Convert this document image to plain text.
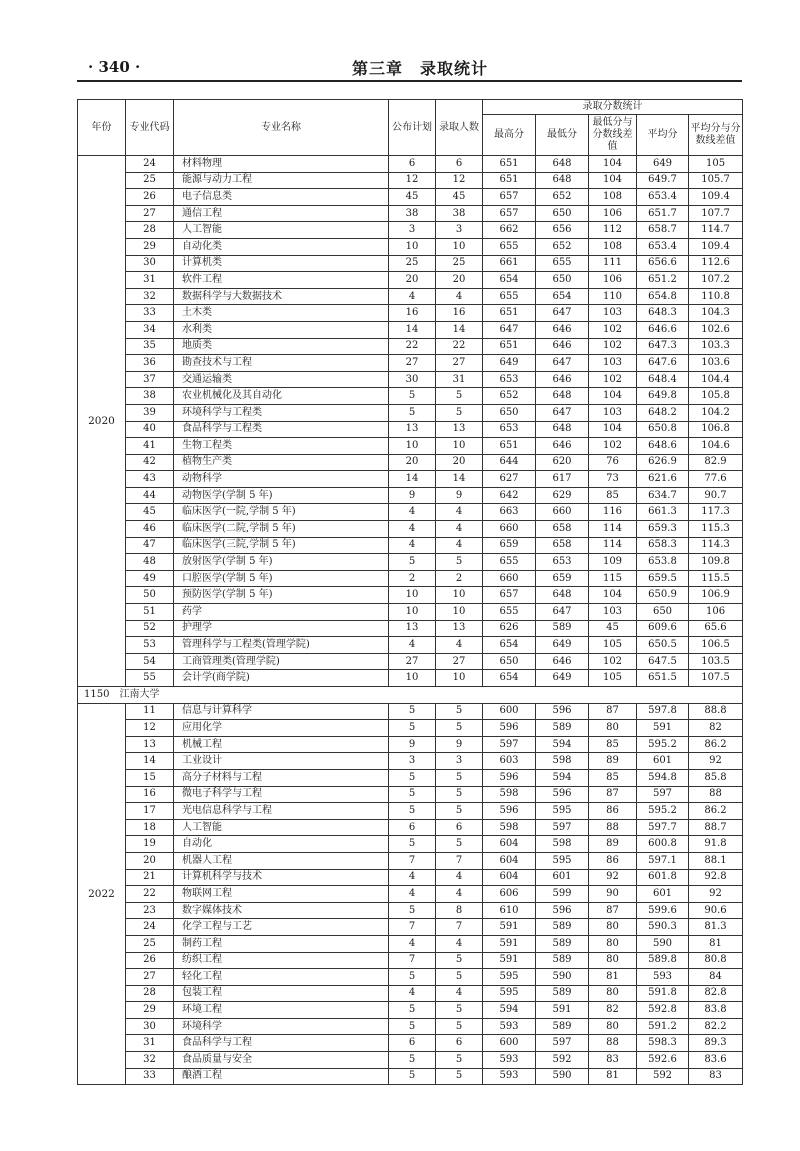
· 340 ·	第三章　录取统计
年份	专业代码	专业名称	公布计划	录取人数	录取分数统计				
					最高分	最低分	最低分与分数线差值	平均分	平均分与分数线差值
2020	24	材料物理	6	6	651	648	104	649	105
	25	能源与动力工程	12	12	651	648	104	649.7	105.7
	26	电子信息类	45	45	657	652	108	653.4	109.4
	27	通信工程	38	38	657	650	106	651.7	107.7
	28	人工智能	3	3	662	656	112	658.7	114.7
	29	自动化类	10	10	655	652	108	653.4	109.4
	30	计算机类	25	25	661	655	111	656.6	112.6
	31	软件工程	20	20	654	650	106	651.2	107.2
	32	数据科学与大数据技术	4	4	655	654	110	654.8	110.8
	33	土木类	16	16	651	647	103	648.3	104.3
	34	水利类	14	14	647	646	102	646.6	102.6
	35	地质类	22	22	651	646	102	647.3	103.3
	36	勘查技术与工程	27	27	649	647	103	647.6	103.6
	37	交通运输类	30	31	653	646	102	648.4	104.4
	38	农业机械化及其自动化	5	5	652	648	104	649.8	105.8
	39	环境科学与工程类	5	5	650	647	103	648.2	104.2
	40	食品科学与工程类	13	13	653	648	104	650.8	106.8
	41	生物工程类	10	10	651	646	102	648.6	104.6
	42	植物生产类	20	20	644	620	76	626.9	82.9
	43	动物科学	14	14	627	617	73	621.6	77.6
	44	动物医学(学制 5 年)	9	9	642	629	85	634.7	90.7
	45	临床医学(一院,学制 5 年)	4	4	663	660	116	661.3	117.3
	46	临床医学(二院,学制 5 年)	4	4	660	658	114	659.3	115.3
	47	临床医学(三院,学制 5 年)	4	4	659	658	114	658.3	114.3
	48	放射医学(学制 5 年)	5	5	655	653	109	653.8	109.8
	49	口腔医学(学制 5 年)	2	2	660	659	115	659.5	115.5
	50	预防医学(学制 5 年)	10	10	657	648	104	650.9	106.9
	51	药学	10	10	655	647	103	650	106
	52	护理学	13	13	626	589	45	609.6	65.6
	53	管理科学与工程类(管理学院)	4	4	654	649	105	650.5	106.5
	54	工商管理类(管理学院)	27	27	650	646	102	647.5	103.5
	55	会计学(商学院)	10	10	654	649	105	651.5	107.5
1150　江南大学									
2022	11	信息与计算科学	5	5	600	596	87	597.8	88.8
	12	应用化学	5	5	596	589	80	591	82
	13	机械工程	9	9	597	594	85	595.2	86.2
	14	工业设计	3	3	603	598	89	601	92
	15	高分子材料与工程	5	5	596	594	85	594.8	85.8
	16	微电子科学与工程	5	5	598	596	87	597	88
	17	光电信息科学与工程	5	5	596	595	86	595.2	86.2
	18	人工智能	6	6	598	597	88	597.7	88.7
	19	自动化	5	5	604	598	89	600.8	91.8
	20	机器人工程	7	7	604	595	86	597.1	88.1
	21	计算机科学与技术	4	4	604	601	92	601.8	92.8
	22	物联网工程	4	4	606	599	90	601	92
	23	数字媒体技术	5	8	610	596	87	599.6	90.6
	24	化学工程与工艺	7	7	591	589	80	590.3	81.3
	25	制药工程	4	4	591	589	80	590	81
	26	纺织工程	7	5	591	589	80	589.8	80.8
	27	轻化工程	5	5	595	590	81	593	84
	28	包装工程	4	4	595	589	80	591.8	82.8
	29	环境工程	5	5	594	591	82	592.8	83.8
	30	环境科学	5	5	593	589	80	591.2	82.2
	31	食品科学与工程	6	6	600	597	88	598.3	89.3
	32	食品质量与安全	5	5	593	592	83	592.6	83.6
	33	酿酒工程	5	5	593	590	81	592	83
